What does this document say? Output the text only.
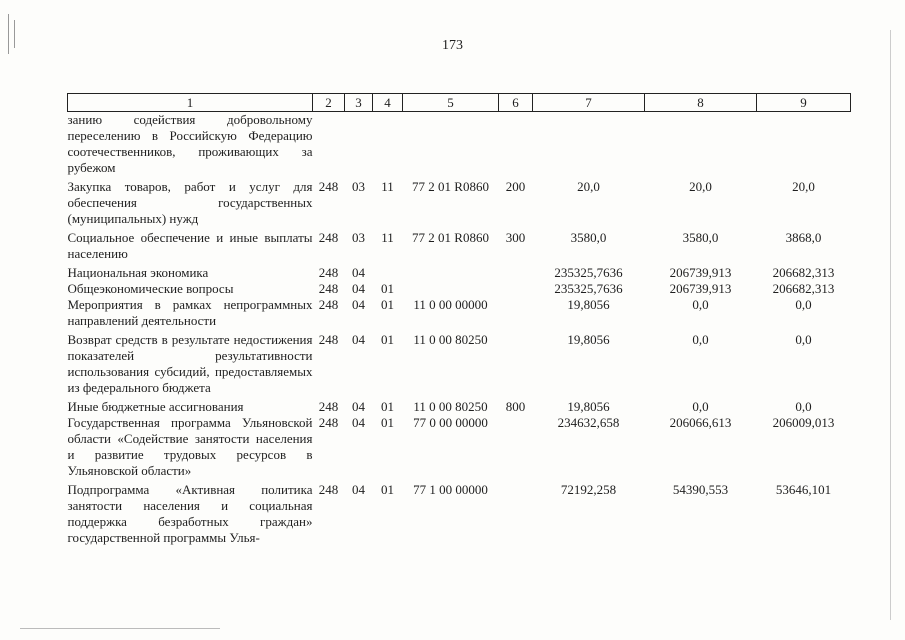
173
1	2	3	4	5	6	7	8	9
занию содействия добровольному переселению в Российскую Федерацию соотечественников, проживающих за рубежом								
Закупка товаров, работ и услуг для обеспечения государственных (муниципальных) нужд	248	03	11	77 2 01 R0860	200	20,0	20,0	20,0
Социальное обеспечение и иные выплаты населению	248	03	11	77 2 01 R0860	300	3580,0	3580,0	3868,0
Национальная экономика	248	04				235325,7636	206739,913	206682,313
Общеэкономические вопросы	248	04	01			235325,7636	206739,913	206682,313
Мероприятия в рамках непрограммных направлений деятельности	248	04	01	11 0 00 00000		19,8056	0,0	0,0
Возврат средств в результате недостижения показателей результативности использования субсидий, предоставляемых из федерального бюджета	248	04	01	11 0 00 80250		19,8056	0,0	0,0
Иные бюджетные ассигнования	248	04	01	11 0 00 80250	800	19,8056	0,0	0,0
Государственная программа Ульяновской области «Содействие занятости населения и развитие трудовых ресурсов в Ульяновской области»	248	04	01	77 0 00 00000		234632,658	206066,613	206009,013
Подпрограмма «Активная политика занятости населения и социальная поддержка безработных граждан» государственной программы Улья-	248	04	01	77 1 00 00000		72192,258	54390,553	53646,101
